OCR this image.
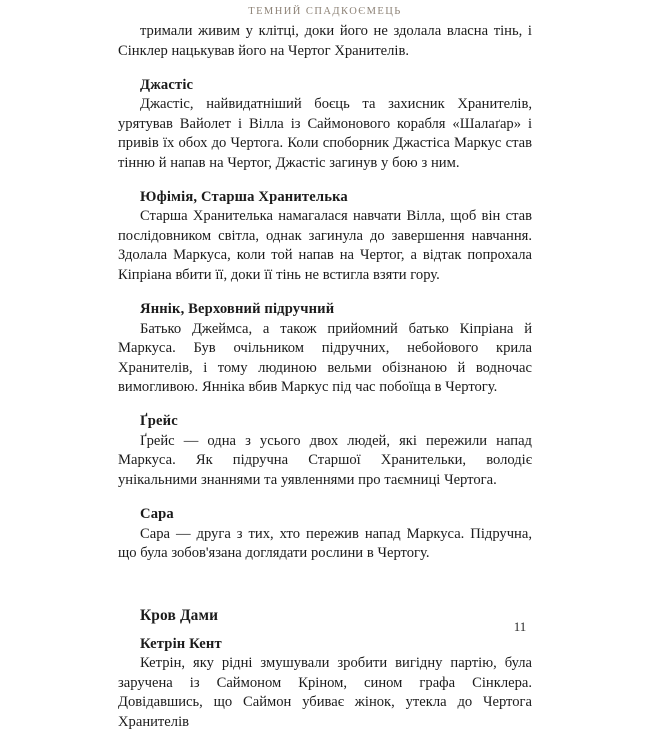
ТЕМНИЙ СПАДКОЄМЕЦЬ

тримали живим у клітці, доки його не здолала власна тінь, і Сінклер нацькував його на Чертог Хранителів.

Джастіс

Джастіс, найвидатніший боєць та захисник Хранителів, урятував Вайолет і Вілла із Саймонового корабля «Шалаґар» і привів їх обох до Чертога. Коли споборник Джастіса Маркус став тінню й напав на Чертог, Джастіс загинув у бою з ним.

Юфімія, Старша Хранителька

Старша Хранителька намагалася навчати Вілла, щоб він став послідовником світла, однак загинула до завершення навчання. Здолала Маркуса, коли той напав на Чертог, а відтак попрохала Кіпріана вбити її, доки її тінь не встигла взяти гору.

Яннік, Верховний підручний

Батько Джеймса, а також прийомний батько Кіпріана й Маркуса. Був очільником підручних, небойового крила Хранителів, і тому людиною вельми обізнаною й водночас вимогливою. Янніка вбив Маркус під час побоїща в Чертогу.

Ґрейс

Ґрейс — одна з усього двох людей, які пережили напад Маркуса. Як підручна Старшої Хранительки, володіє унікальними знаннями та уявленнями про таємниці Чертога.

Сара

Сара — друга з тих, хто пережив напад Маркуса. Підручна, що була зобов'язана доглядати рослини в Чертогу.

Кров Дами
Кетрін Кент

Кетрін, яку рідні змушували зробити вигідну партію, була заручена із Саймоном Кріном, сином графа Сінклера. Довідавшись, що Саймон убиває жінок, утекла до Чертога Хранителів

11
